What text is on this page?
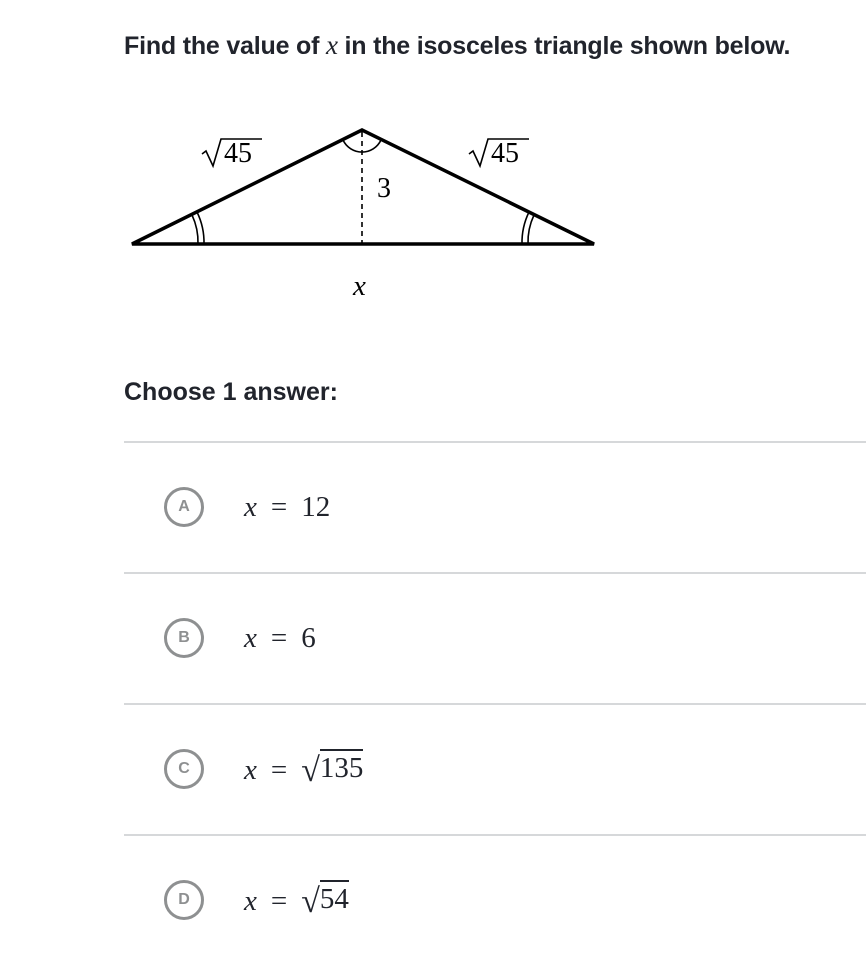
Find the value of x in the isosceles triangle shown below.
45	45
3
x
Choose 1 answer:
A	x = 12
B	x = 6
C	x = √135
D	x = √54
